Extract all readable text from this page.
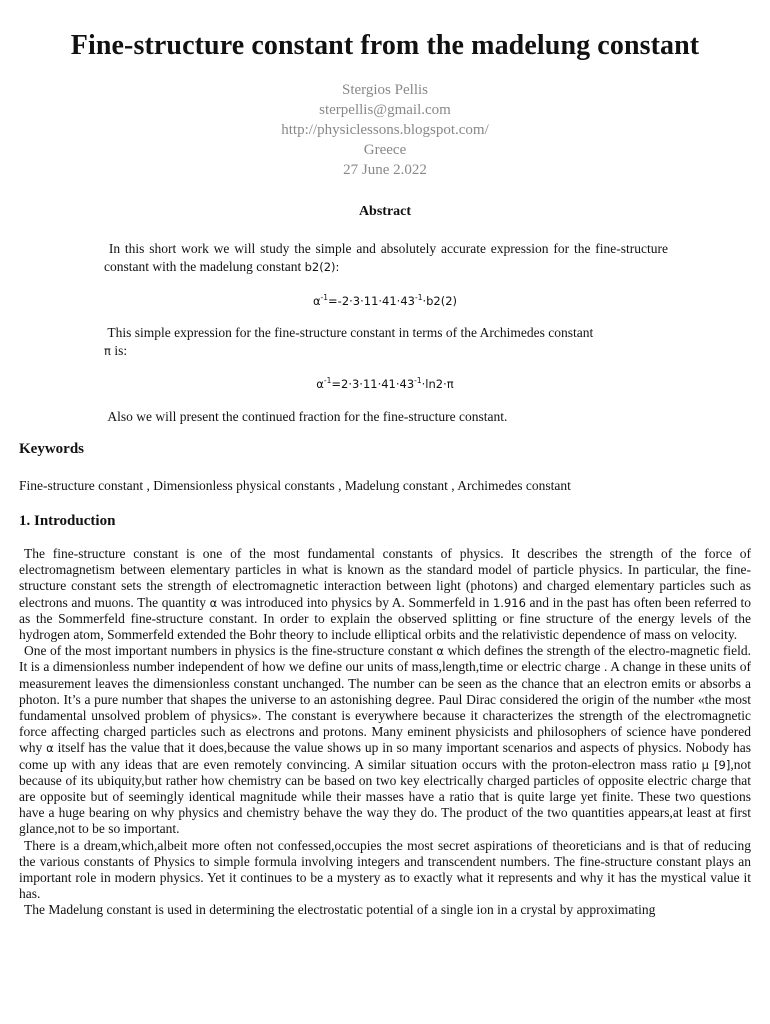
Fine-structure constant from the madelung constant
Stergios Pellis
sterpellis@gmail.com
http://physiclessons.blogspot.com/
Greece
27 June 2.022
Abstract
In this short work we will study the simple and absolutely accurate expression for the fine-structure constant with the madelung constant b2(2):
$\alpha^{-1}=-2\cdot 3\cdot 11\cdot 41\cdot 43^{-1}\cdot b2(2)$
This simple expression for the fine-structure constant in terms of the Archimedes constant
π is:
$\alpha^{-1}=2\cdot 3\cdot 11\cdot 41\cdot 43^{-1}\cdot\ln 2\cdot\pi$
Also we will present the continued fraction for the fine-structure constant.
Keywords
Fine-structure constant , Dimensionless physical constants , Madelung constant , Archimedes constant
1. Introduction

The fine-structure constant is one of the most fundamental constants of physics. It describes the strength of the force of electromagnetism between elementary particles in what is known as the standard model of particle physics. In particular, the fine-structure constant sets the strength of electromagnetic interaction between light (photons) and charged elementary particles such as electrons and muons. The quantity α was introduced into physics by A. Sommerfeld in 1.916 and in the past has often been referred to as the Sommerfeld fine-structure constant. In order to explain the observed splitting or fine structure of the energy levels of the hydrogen atom, Sommerfeld extended the Bohr theory to include elliptical orbits and the relativistic dependence of mass on velocity.

One of the most important numbers in physics is the fine-structure constant α which defines the strength of the electro-magnetic field. It is a dimensionless number independent of how we define our units of mass,length,time or electric charge . A change in these units of measurement leaves the dimensionless constant unchanged. The number can be seen as the chance that an electron emits or absorbs a photon. It’s a pure number that shapes the universe to an astonishing degree. Paul Dirac considered the origin of the number «the most fundamental unsolved problem of physics». The constant is everywhere because it characterizes the strength of the electromagnetic force affecting charged particles such as electrons and protons. Many eminent physicists and philosophers of science have pondered why α itself has the value that it does,because the value shows up in so many important scenarios and aspects of physics. Nobody has come up with any ideas that are even remotely convincing. A similar situation occurs with the proton-electron mass ratio μ [9],not because of its ubiquity,but rather how chemistry can be based on two key electrically charged particles of opposite electric charge that are opposite but of seemingly identical magnitude while their masses have a ratio that is quite large yet finite. These two questions have a huge bearing on why physics and chemistry behave the way they do. The product of the two quantities appears,at least at first glance,not to be so important.

There is a dream,which,albeit more often not confessed,occupies the most secret aspirations of theoreticians and is that of reducing the various constants of Physics to simple formula involving integers and transcendent numbers. The fine-structure constant plays an important role in modern physics. Yet it continues to be a mystery as to exactly what it represents and why it has the mystical value it has.

The Madelung constant is used in determining the electrostatic potential of a single ion in a crystal by approximating
